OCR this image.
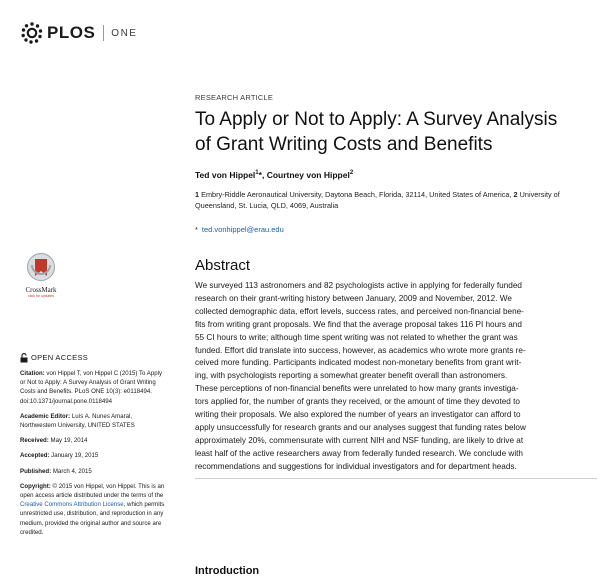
PLOS ONE
CrossMark
click for updates
OPEN ACCESS

Citation: von Hippel T, von Hippel C (2015) To Apply
or Not to Apply: A Survey Analysis of Grant Writing
Costs and Benefits. PLoS ONE 10(3): e0118494.
doi:10.1371/journal.pone.0118494

Academic Editor: Luís A. Nunes Amaral,
Northwestern University, UNITED STATES

Received: May 19, 2014

Accepted: January 19, 2015

Published: March 4, 2015

Copyright: © 2015 von Hippel, von Hippel. This is an
open access article distributed under the terms of the
Creative Commons Attribution License, which permits
unrestricted use, distribution, and reproduction in any
medium, provided the original author and source are
credited.

RESEARCH ARTICLE
To Apply or Not to Apply: A Survey Analysis
of Grant Writing Costs and Benefits
Ted von Hippel$^1$*, Courtney von Hippel$^2$
1 Embry-Riddle Aeronautical University, Daytona Beach, Florida, 32114, United States of America, 2 University of Queensland, St. Lucia, QLD, 4069, Australia
* ted.vonhippel@erau.edu
Abstract
We surveyed 113 astronomers and 82 psychologists active in applying for federally funded
research on their grant-writing history between January, 2009 and November, 2012. We
collected demographic data, effort levels, success rates, and perceived non-financial bene-
fits from writing grant proposals. We find that the average proposal takes 116 PI hours and
55 CI hours to write; although time spent writing was not related to whether the grant was
funded. Effort did translate into success, however, as academics who wrote more grants re-
ceived more funding. Participants indicated modest non-monetary benefits from grant writ-
ing, with psychologists reporting a somewhat greater benefit overall than astronomers.
These perceptions of non-financial benefits were unrelated to how many grants investiga-
tors applied for, the number of grants they received, or the amount of time they devoted to
writing their proposals. We also explored the number of years an investigator can afford to
apply unsuccessfully for research grants and our analyses suggest that funding rates below
approximately 20%, commensurate with current NIH and NSF funding, are likely to drive at
least half of the active researchers away from federally funded research. We conclude with
recommendations and suggestions for individual investigators and for department heads.
Introduction
